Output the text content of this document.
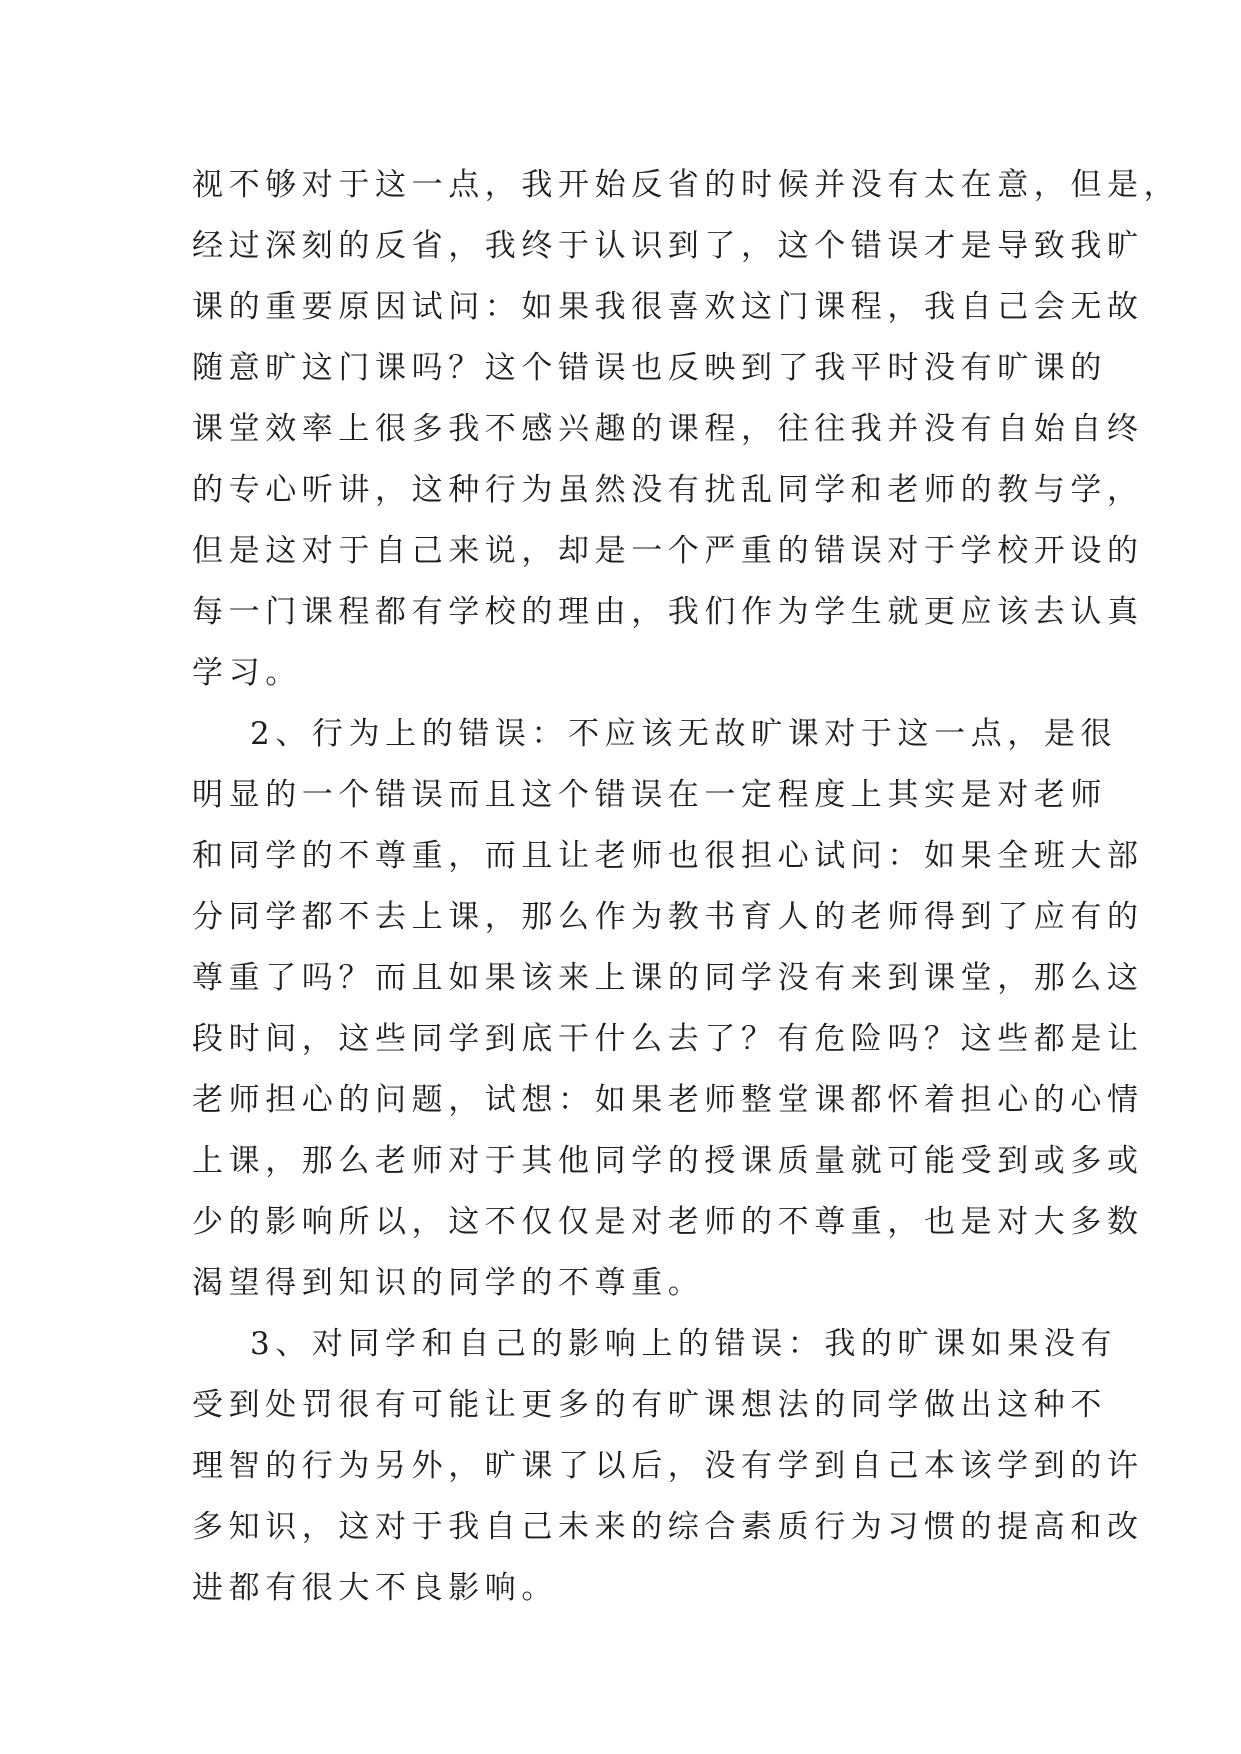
视不够对于这一点，我开始反省的时候并没有太在意，但是，
经过深刻的反省，我终于认识到了，这个错误才是导致我旷
课的重要原因试问：如果我很喜欢这门课程，我自己会无故
随意旷这门课吗？这个错误也反映到了我平时没有旷课的
课堂效率上很多我不感兴趣的课程，往往我并没有自始自终
的专心听讲，这种行为虽然没有扰乱同学和老师的教与学，
但是这对于自己来说，却是一个严重的错误对于学校开设的
每一门课程都有学校的理由，我们作为学生就更应该去认真
学习。
2、行为上的错误：不应该无故旷课对于这一点，是很
明显的一个错误而且这个错误在一定程度上其实是对老师
和同学的不尊重，而且让老师也很担心试问：如果全班大部
分同学都不去上课，那么作为教书育人的老师得到了应有的
尊重了吗？而且如果该来上课的同学没有来到课堂，那么这
段时间，这些同学到底干什么去了？有危险吗？这些都是让
老师担心的问题，试想：如果老师整堂课都怀着担心的心情
上课，那么老师对于其他同学的授课质量就可能受到或多或
少的影响所以，这不仅仅是对老师的不尊重，也是对大多数
渴望得到知识的同学的不尊重。
3、对同学和自己的影响上的错误：我的旷课如果没有
受到处罚很有可能让更多的有旷课想法的同学做出这种不
理智的行为另外，旷课了以后，没有学到自己本该学到的许
多知识，这对于我自己未来的综合素质行为习惯的提高和改
进都有很大不良影响。
